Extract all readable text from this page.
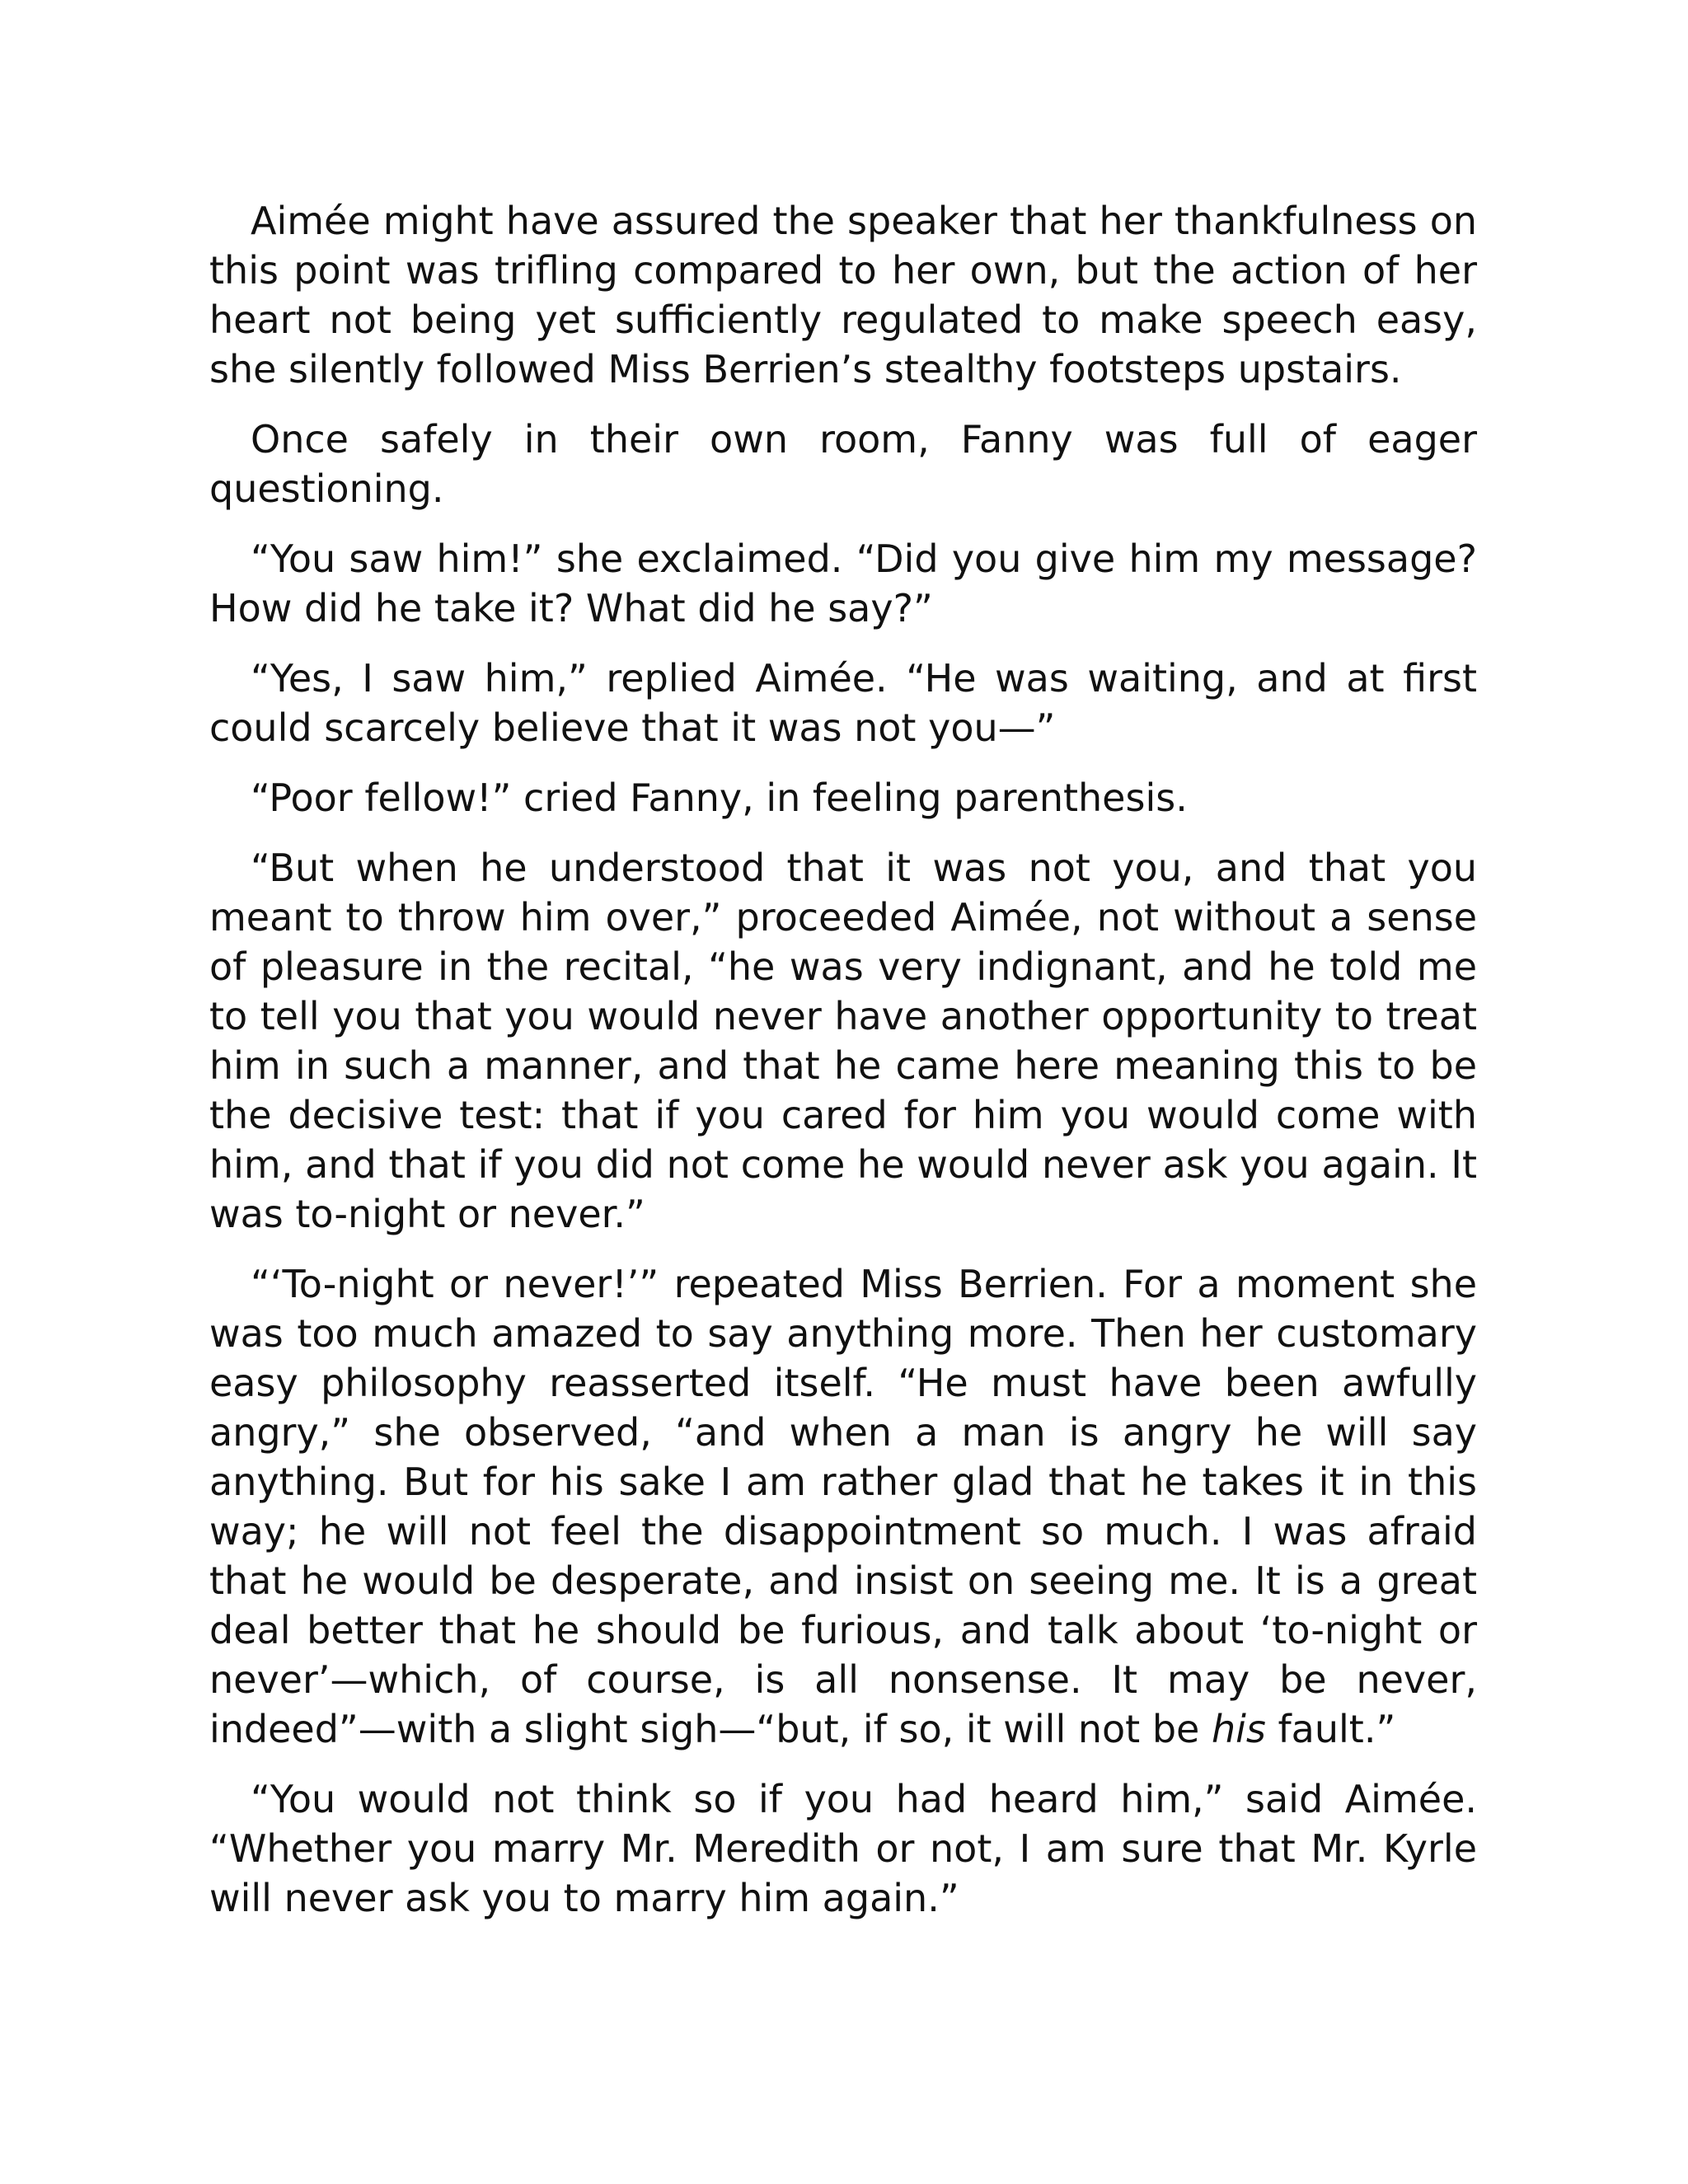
Aimée might have assured the speaker that her thankfulness on this point was trifling compared to her own, but the action of her heart not being yet sufficiently regulated to make speech easy, she silently followed Miss Berrien’s stealthy footsteps upstairs.

Once safely in their own room, Fanny was full of eager questioning.

“You saw him!” she exclaimed. “Did you give him my message? How did he take it? What did he say?”

“Yes, I saw him,” replied Aimée. “He was waiting, and at first could scarcely believe that it was not you—”

“Poor fellow!” cried Fanny, in feeling parenthesis.

“But when he understood that it was not you, and that you meant to throw him over,” proceeded Aimée, not without a sense of pleasure in the recital, “he was very indignant, and he told me to tell you that you would never have another opportunity to treat him in such a manner, and that he came here meaning this to be the decisive test: that if you cared for him you would come with him, and that if you did not come he would never ask you again. It was to-night or never.”

“‘To-night or never!’” repeated Miss Berrien. For a moment she was too much amazed to say anything more. Then her customary easy philosophy reasserted itself. “He must have been awfully angry,” she observed, “and when a man is angry he will say anything. But for his sake I am rather glad that he takes it in this way; he will not feel the disappointment so much. I was afraid that he would be desperate, and insist on seeing me. It is a great deal better that he should be furious, and talk about ‘to-night or never’—which, of course, is all nonsense. It may be never, indeed”—with a slight sigh—“but, if so, it will not be his fault.”

“You would not think so if you had heard him,” said Aimée. “Whether you marry Mr. Meredith or not, I am sure that Mr. Kyrle will never ask you to marry him again.”
